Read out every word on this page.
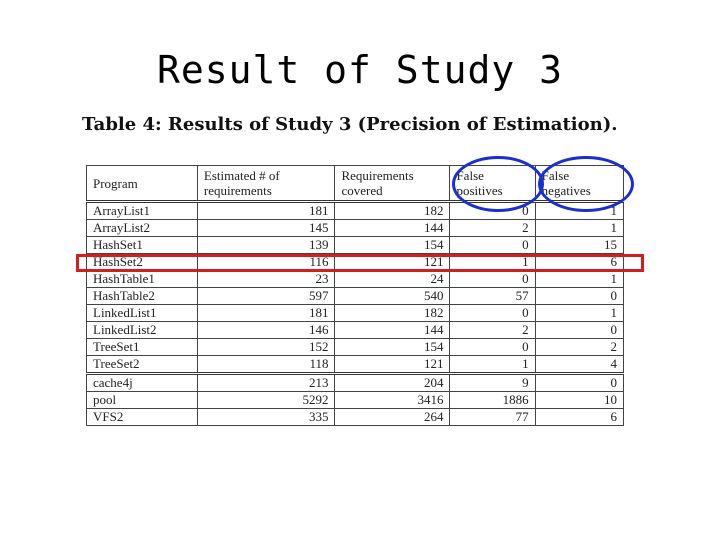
Result of Study 3
Table 4: Results of Study 3 (Precision of Estimation).
Program	Estimated # of requirements	Requirements covered	False positives	False negatives
ArrayList1	181	182	0	1
ArrayList2	145	144	2	1
HashSet1	139	154	0	15
HashSet2	116	121	1	6
HashTable1	23	24	0	1
HashTable2	597	540	57	0
LinkedList1	181	182	0	1
LinkedList2	146	144	2	0
TreeSet1	152	154	0	2
TreeSet2	118	121	1	4
cache4j	213	204	9	0
pool	5292	3416	1886	10
VFS2	335	264	77	6
